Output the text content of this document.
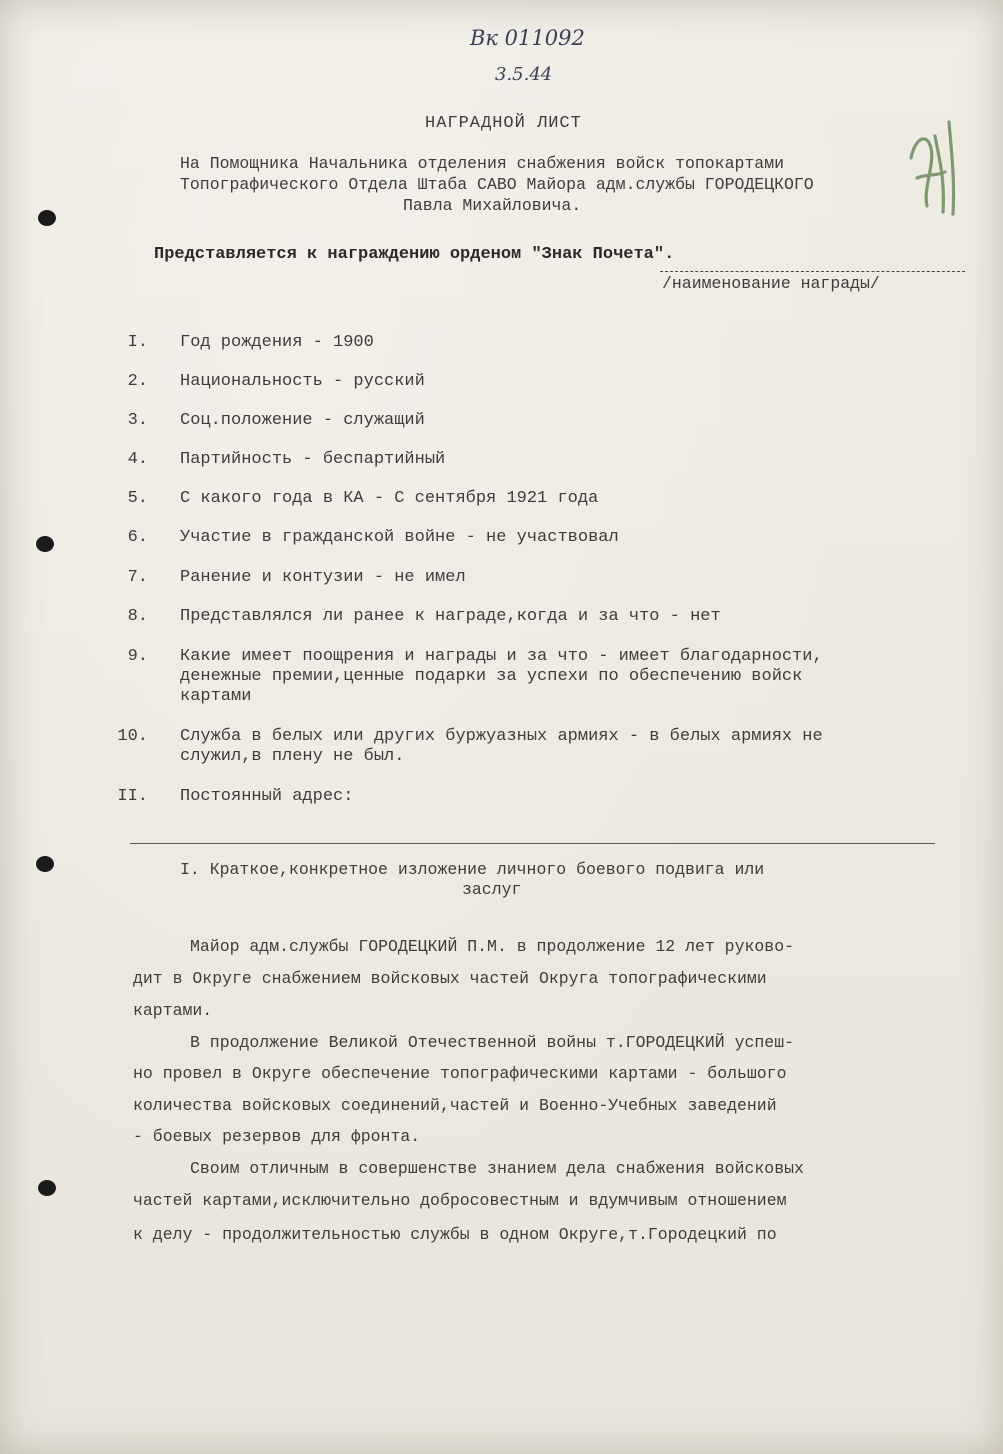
Вк 011092
3.5.44
НАГРАДНОЙ ЛИСТ
На Помощника Начальника отделения снабжения войск топокартами
Топографического Отдела Штаба САВО Майора адм.службы ГОРОДЕЦКОГО
Павла Михайловича.
Представляется к награждению орденом "Знак Почета".
/наименование награды/
I. Год рождения - 1900
2. Национальность - русский
3. Соц.положение - служащий
4. Партийность - беспартийный
5. С какого года в КА - С сентября 1921 года
6. Участие в гражданской войне - не участвовал
7. Ранение и контузии - не имел
8. Представлялся ли ранее к награде,когда и за что - нет
9. Какие имеет поощрения и награды и за что - имеет благодарности,
денежные премии,ценные подарки за успехи по обеспечению войск
картами
10. Служба в белых или других буржуазных армиях - в белых армиях не
служил,в плену не был.
II. Постоянный адрес:
I. Краткое,конкретное изложение личного боевого подвига или
заслуг
Майор адм.службы ГОРОДЕЦКИЙ П.М. в продолжение 12 лет руково-
дит в Округе снабжением войсковых частей Округа топографическими
картами.
В продолжение Великой Отечественной войны т.ГОРОДЕЦКИЙ успеш-
но провел в Округе обеспечение топографическими картами - большого
количества войсковых соединений,частей и Военно-Учебных заведений
- боевых резервов для фронта.
Своим отличным в совершенстве знанием дела снабжения войсковых
частей картами,исключительно добросовестным и вдумчивым отношением
к делу - продолжительностью службы в одном Округе,т.Городецкий по
